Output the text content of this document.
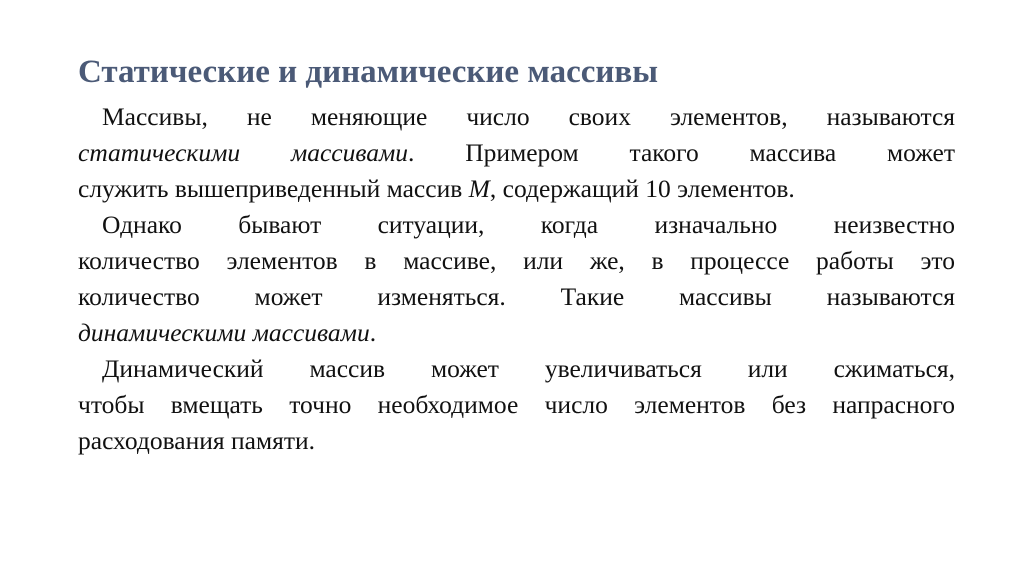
Статические и динамические массивы
Массивы, не меняющие число своих элементов, называются
статическими массивами. Примером такого массива может
служить вышеприведенный массив M, содержащий 10 элементов.
Однако бывают ситуации, когда изначально неизвестно
количество элементов в массиве, или же, в процессе работы это
количество может изменяться. Такие массивы называются
динамическими массивами.
Динамический массив может увеличиваться или сжиматься,
чтобы вмещать точно необходимое число элементов без напрасного
расходования памяти.
